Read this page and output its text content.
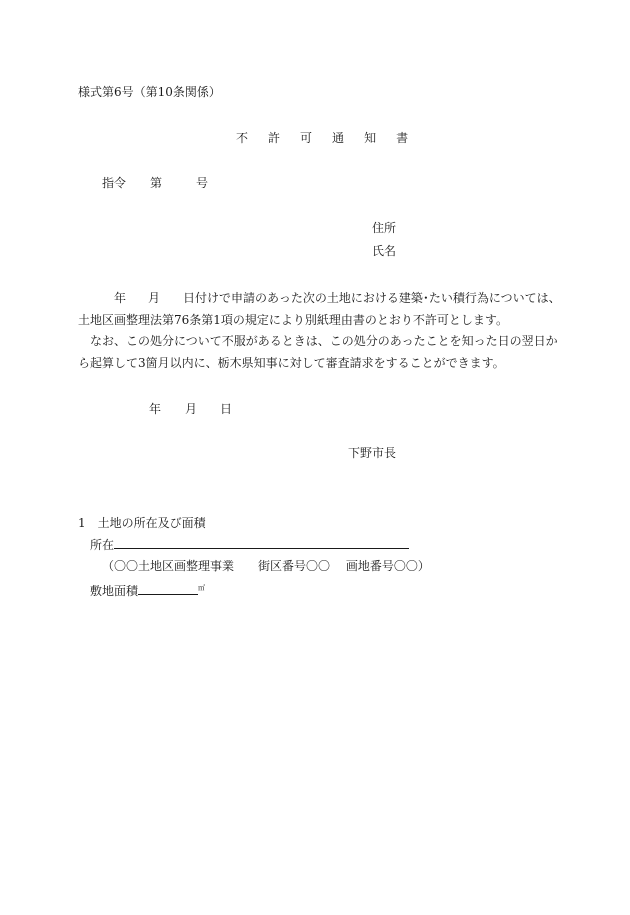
様式第6号（第10条関係）
不 許 可 通 知 書
指令 第	号
住所
氏名
年 月 日付けで申請のあった次の土地における建築･たい積行為については、
土地区画整理法第76条第1項の規定により別紙理由書のとおり不許可とします。
なお、この処分について不服があるときは、この処分のあったことを知った日の翌日か
ら起算して3箇月以内に、栃木県知事に対して審査請求をすることができます。
年 月 日
下野市長
1　土地の所在及び面積
所在
（〇〇土地区画整理事業　　街区番号〇〇　 画地番号〇〇）
敷地面積	㎡
